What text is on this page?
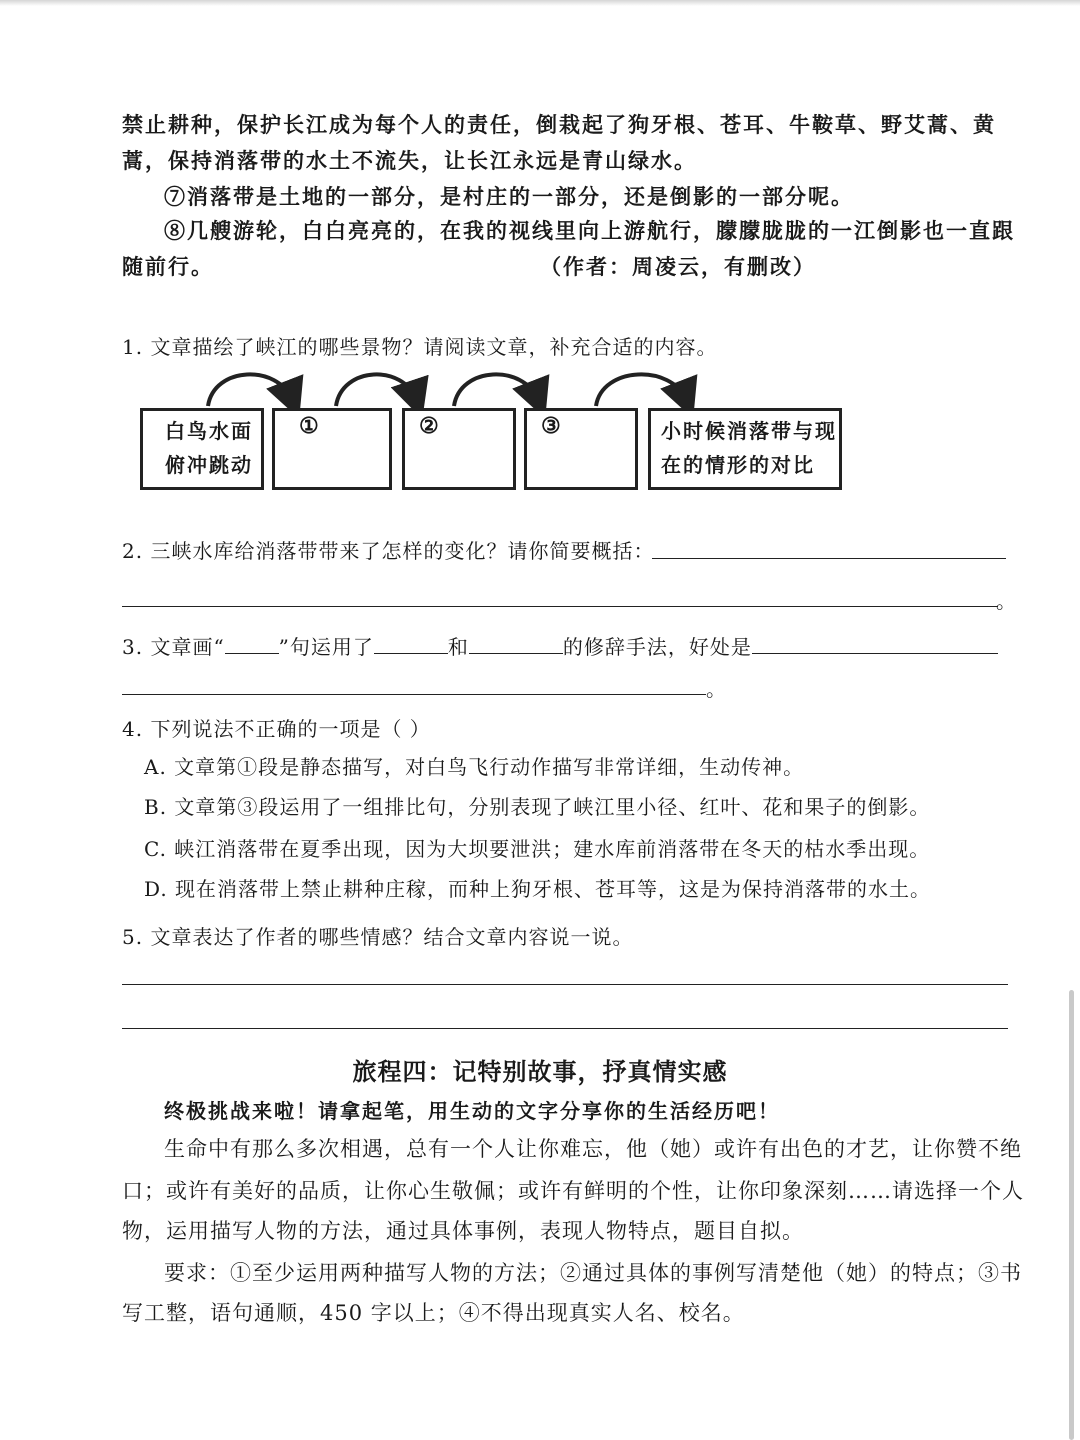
禁止耕种，保护长江成为每个人的责任，倒栽起了狗牙根、苍耳、牛鞍草、野艾蒿、黄
蒿，保持消落带的水土不流失，让长江永远是青山绿水。
⑦消落带是土地的一部分，是村庄的一部分，还是倒影的一部分呢。
⑧几艘游轮，白白亮亮的，在我的视线里向上游航行，朦朦胧胧的一江倒影也一直跟
随前行。	（作者：周凌云，有删改）
1. 文章描绘了峡江的哪些景物？请阅读文章，补充合适的内容。
白鸟水面
俯冲跳动
①	②	③	小时候消落带与现
在的情形的对比
2. 三峡水库给消落带带来了怎样的变化？请你简要概括：
。
3. 文章画“	”句运用了	和	的修辞手法，好处是
。
4. 下列说法不正确的一项是（ ）
A. 文章第①段是静态描写，对白鸟飞行动作描写非常详细，生动传神。
B. 文章第③段运用了一组排比句，分别表现了峡江里小径、红叶、花和果子的倒影。
C. 峡江消落带在夏季出现，因为大坝要泄洪；建水库前消落带在冬天的枯水季出现。
D. 现在消落带上禁止耕种庄稼，而种上狗牙根、苍耳等，这是为保持消落带的水土。
5. 文章表达了作者的哪些情感？结合文章内容说一说。
旅程四：记特别故事，抒真情实感
终极挑战来啦！请拿起笔，用生动的文字分享你的生活经历吧！
生命中有那么多次相遇，总有一个人让你难忘，他（她）或许有出色的才艺，让你赞不绝
口；或许有美好的品质，让你心生敬佩；或许有鲜明的个性，让你印象深刻……请选择一个人
物，运用描写人物的方法，通过具体事例，表现人物特点，题目自拟。
要求：①至少运用两种描写人物的方法；②通过具体的事例写清楚他（她）的特点；③书
写工整，语句通顺，450 字以上；④不得出现真实人名、校名。
